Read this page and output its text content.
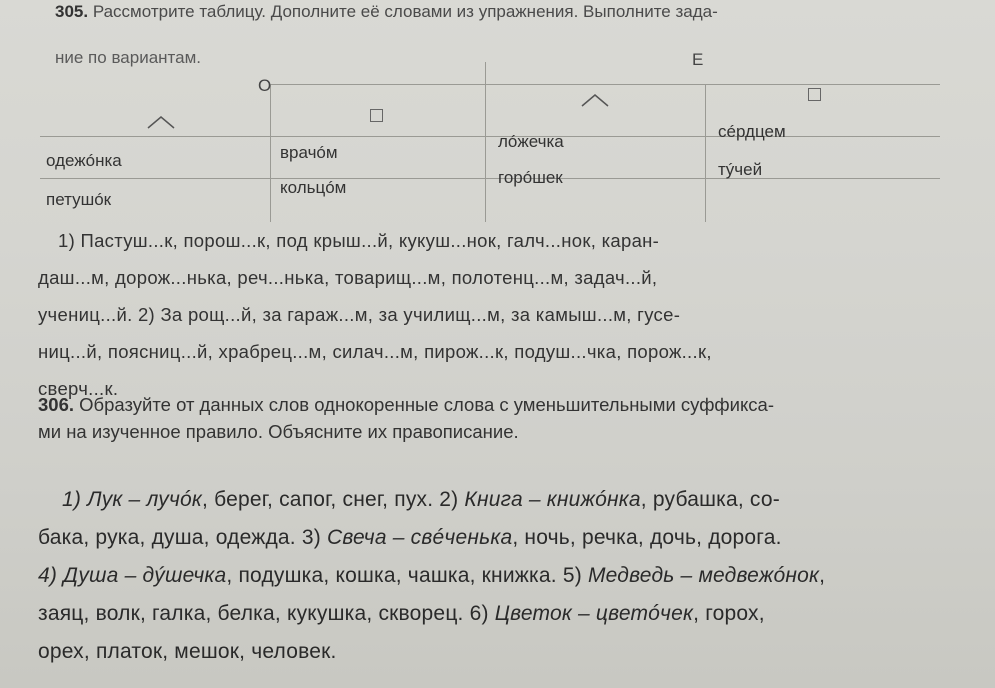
305. Рассмотрите таблицу. Дополните её словами из упражнения. Выполните зада-
ние по вариантам.
О
Е
одежóнка	врачóм
лóжечка
сéрдцем
петушóк
кольцóм
горóшек	тýчей
1) Пастуш...к, порош...к, под крыш...й, кукуш...нок, галч...нок, каран-
даш...м, дорож...нька, реч...нька, товарищ...м, полотенц...м, задач...й,
учениц...й. 2) За рощ...й, за гараж...м, за училищ...м, за камыш...м, гусе-
ниц...й, поясниц...й, храбрец...м, силач...м, пирож...к, подуш...чка, порож...к,
сверч...к.
306. Образуйте от данных слов однокоренные слова с уменьшительными суффикса-
ми на изученное правило. Объясните их правописание.
1) Лук – лучóк, берег, сапог, снег, пух. 2) Книга – книжóнка, рубашка, со-
бака, рука, душа, одежда. 3) Свеча – свéченька, ночь, речка, дочь, дорога.
4) Душа – дýшечка, подушка, кошка, чашка, книжка. 5) Медведь – медвежóнок,
заяц, волк, галка, белка, кукушка, скворец. 6) Цветок – цветóчек, горох,
орех, платок, мешок, человек.
